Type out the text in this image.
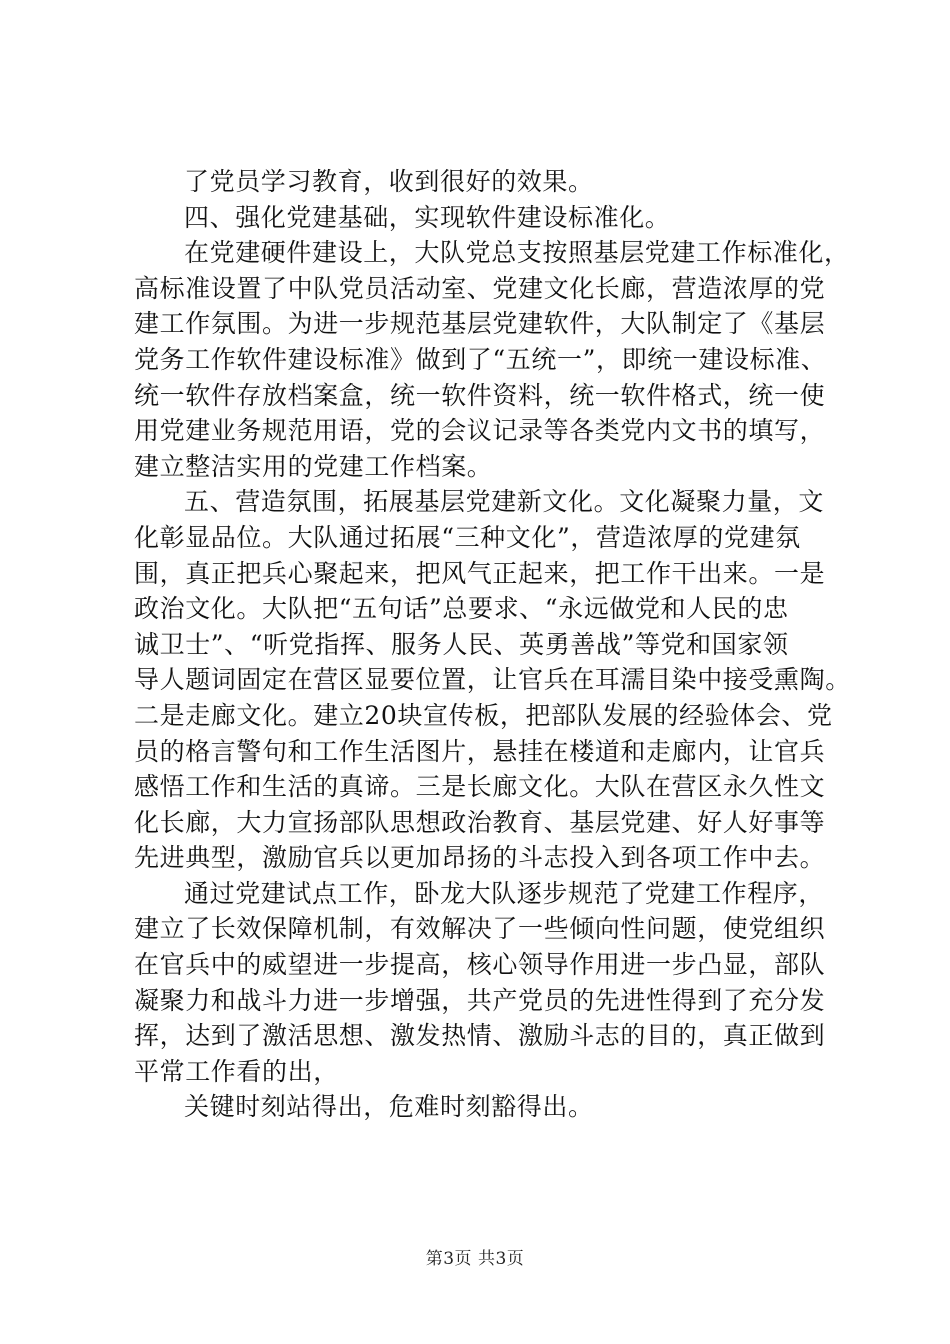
了党员学习教育，收到很好的效果。
四、强化党建基础，实现软件建设标准化。
在党建硬件建设上，大队党总支按照基层党建工作标准化，
高标准设置了中队党员活动室、党建文化长廊，营造浓厚的党
建工作氛围。为进一步规范基层党建软件，大队制定了《基层
党务工作软件建设标准》做到了“五统一”，即统一建设标准、
统一软件存放档案盒，统一软件资料，统一软件格式，统一使
用党建业务规范用语，党的会议记录等各类党内文书的填写，
建立整洁实用的党建工作档案。
五、营造氛围，拓展基层党建新文化。文化凝聚力量，文
化彰显品位。大队通过拓展“三种文化”，营造浓厚的党建氛
围，真正把兵心聚起来，把风气正起来，把工作干出来。一是
政治文化。大队把“五句话”总要求、“永远做党和人民的忠
诚卫士”、“听党指挥、服务人民、英勇善战”等党和国家领
导人题词固定在营区显要位置，让官兵在耳濡目染中接受熏陶。
二是走廊文化。建立20块宣传板，把部队发展的经验体会、党
员的格言警句和工作生活图片，悬挂在楼道和走廊内，让官兵
感悟工作和生活的真谛。三是长廊文化。大队在营区永久性文
化长廊，大力宣扬部队思想政治教育、基层党建、好人好事等
先进典型，激励官兵以更加昂扬的斗志投入到各项工作中去。
通过党建试点工作，卧龙大队逐步规范了党建工作程序，
建立了长效保障机制，有效解决了一些倾向性问题，使党组织
在官兵中的威望进一步提高，核心领导作用进一步凸显，部队
凝聚力和战斗力进一步增强，共产党员的先进性得到了充分发
挥，达到了激活思想、激发热情、激励斗志的目的，真正做到
平常工作看的出，
关键时刻站得出，危难时刻豁得出。
第3页 共3页
